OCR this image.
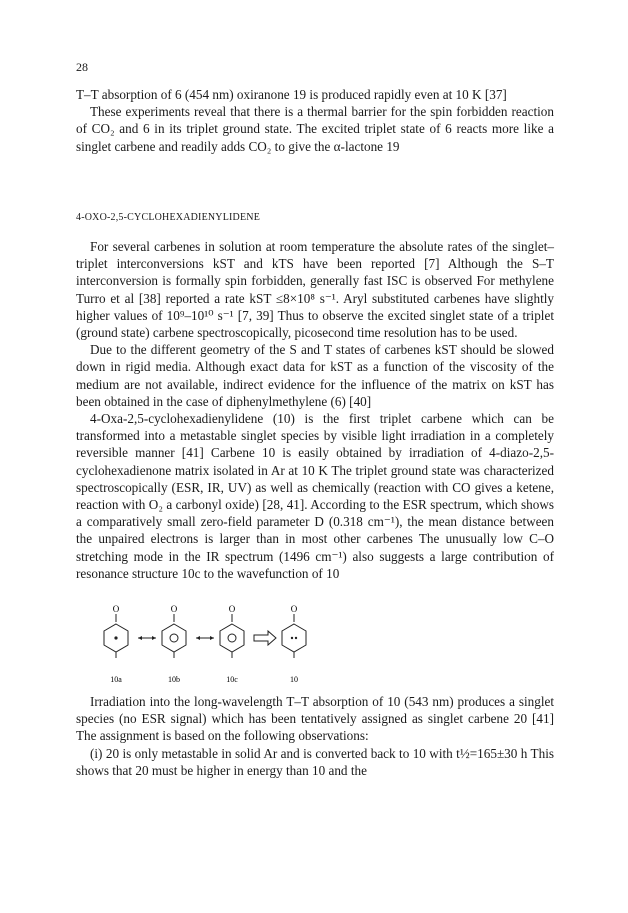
28

T–T absorption of 6 (454 nm) oxiranone 19 is produced rapidly even at 10 K [37]

These experiments reveal that there is a thermal barrier for the spin forbidden reaction of CO₂ and 6 in its triplet ground state. The excited triplet state of 6 reacts more like a singlet carbene and readily adds CO₂ to give the α-lactone 19

4-OXO-2,5-CYCLOHEXADIENYLIDENE

For several carbenes in solution at room temperature the absolute rates of the singlet–triplet interconversions kST and kTS have been reported [7] Although the S–T interconversion is formally spin forbidden, generally fast ISC is observed For methylene Turro et al [38] reported a rate kST ≤8×10⁸ s⁻¹. Aryl substituted carbenes have slightly higher values of 10⁹–10¹⁰ s⁻¹ [7, 39] Thus to observe the excited singlet state of a triplet (ground state) carbene spectroscopically, picosecond time resolution has to be used.

Due to the different geometry of the S and T states of carbenes kST should be slowed down in rigid media. Although exact data for kST as a function of the viscosity of the medium are not available, indirect evidence for the influence of the matrix on kST has been obtained in the case of diphenylmethylene (6) [40]

4-Oxa-2,5-cyclohexadienylidene (10) is the first triplet carbene which can be transformed into a metastable singlet species by visible light irradiation in a completely reversible manner [41] Carbene 10 is easily obtained by irradiation of 4-diazo-2,5-cyclohexadienone matrix isolated in Ar at 10 K The triplet ground state was characterized spectroscopically (ESR, IR, UV) as well as chemically (reaction with CO gives a ketene, reaction with O₂ a carbonyl oxide) [28, 41]. According to the ESR spectrum, which shows a comparatively small zero-field parameter D (0.318 cm⁻¹), the mean distance between the unpaired electrons is larger than in most other carbenes The unusually low C–O stretching mode in the IR spectrum (1496 cm⁻¹) also suggests a large contribution of resonance structure 10c to the wavefunction of 10

O
10a
O
10b
O
10c
O
10

Irradiation into the long-wavelength T–T absorption of 10 (543 nm) produces a singlet species (no ESR signal) which has been tentatively assigned as singlet carbene 20 [41] The assignment is based on the following observations:

(i) 20 is only metastable in solid Ar and is converted back to 10 with t½=165±30 h This shows that 20 must be higher in energy than 10 and the
